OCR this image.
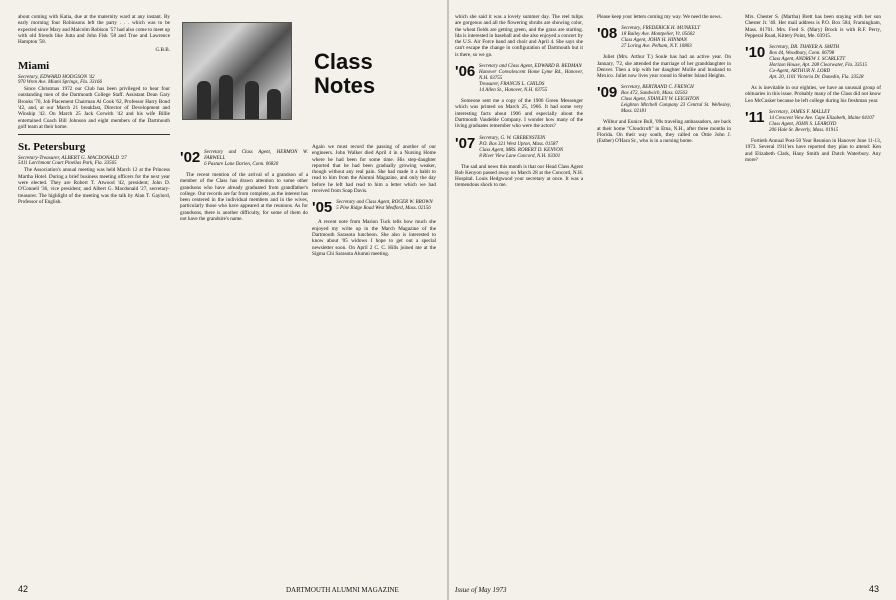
about coming with Katia, due at the maternity ward at any instant. By early morning four Robinsons left the party . . . which was to be expected since Mary and Malcolm Robison '57 had also come to meet up with old friends like Jutta and John Fisk '58 and True and Lawrence Hampton '58.

G.B.B.
Miami
Secretary, EDWARD HODGSON '42
970 Wren Ave. Miami Springs, Fla. 33166

Since Christmas 1972 our Club has been privileged to hear four outstanding men of the Dartmouth College Staff. Assistant Dean Gary Brooks '70, Job Placement Chairman Al Cook '62, Professor Harry Bond '42, and, at our March 21 breakfast, Director of Development and Winship '42. On March 25 Jack Corwith '42 and his wife Billie entertained Coach Bill Johnson and eight members of the Dartmouth golf team at their home.

St. Petersburg
Secretary-Treasurer, ALBERT G. MACDONALD '27
5411 Larchmont Court Pinellas Park, Fla. 33565

The Association's annual meeting was held March 12 at the Princess Martha Hotel. During a brief business meeting officers for the next year were elected. They are Robert T. Atwood '42, president; John D. O'Connell '36, vice president; and Albert G. Macdonald '27, secretary-treasurer. The highlight of the meeting was the talk by Alan T. Gaylord, Professor of English.

Class Notes
'02 Secretary and Class Agent, HERMON W. FARWELL
6 Pasture Lane Darien, Conn. 06820

The recent mention of the arrival of a grandson of a member of the Class has drawn attention to some other grandsons who have already graduated from grandfather's college. Our records are far from complete, as the interest has been centered in the individual members and in the wives, particularly those who have appeared at the reunions. As for grandsons, there is another difficulty, for some of them do not have the grandsire's name.

Again we must record the passing of another of our engineers. John Walker died April 4 in a Nursing Home where he had been for some time. His step-daughter reported that he had been gradually growing weaker, though without any real pain. She had made it a habit to read to him from the Alumni Magazine, and only the day before he left had read to him a letter which we had received from Soap Davis.

'05 Secretary and Class Agent, ROGER W. BROWN
5 Pine Ridge Road West Medford, Mass. 02156

A recent note from Marion Tuck tells how much she enjoyed my write up in the March Magazine of the Dartmouth Sarasota luncheon. She also is interested to know about '05 widows I hope to get out a special newsletter soon. On April 2 C. C. Hills joined me at the Sigma Chi Sarasota Alumni meeting.

42	DARTMOUTH ALUMNI MAGAZINE

which she said it was a lovely summer day. The reel tulips are gorgeous and all the flowering shrubs are showing color, the wheat fields are getting green, and the grass are starting. Ida is interested in baseball and she also enjoyed a concert by the U.S. Air Force band and choir and April 4. She says she can't escape the change in configuration of Dartmouth but it is there, so we go.

'06 Secretary and Class Agent, EDWARD B. REDMAN
Hanover Convalescent Home Lyme Rd., Hanover, N.H. 03755
Treasurer, FRANCIS L. CHILDS
14 Allen St., Hanover, N.H. 03755

Someone sent me a copy of the 1906 Green Messenger which was printed on March 25, 1966. It had some very interesting facts about 1906 and especially about the Dartmouth Vaudeble Company. I wonder how many of the living graduates remember who were the actors?

'07 Secretary, G. W. GREBENSTEIN
P.O. Box 321 West Upton, Mass. 01587
Class Agent, MRS. ROBERT D. KENYON
8 River View Lane Concord, N.H. 03301

The sad and news this month is that our Head Class Agent Bob Kenyon passed away on March 28 at the Concord, N.H. Hospital. Louis Hedgwood your secretary at once. It was a tremendous shock to me.

Please keep your letters coming my way. We need the news.

'08 Secretary, FREDERICK H. MUNKELT
18 Bailey Ave. Montpelier, Vt. 05602
Class Agent, JOHN H. HINMAN
27 Loring Ave. Pelham, N.Y. 10803

Juliet (Mrs. Arthur T.) Soule has had an active year. On January, '72, she attended the marriage of her granddaughter in Denver. Then a trip with her daughter Mollie and husband to Mexico. Juliet now lives year round in Shelter Island Heights.

'09 Secretary, BERTRAND C. FRENCH
Box 472, Sandwich, Mass. 02563
Class Agent, STANLEY W. LEIGHTON
Leighton Mitchell Company 23 Central St. Wellesley, Mass. 02181

Wilbur and Eunice Bull, '09s traveling ambassadors, are back at their home "Cloudcroft" in Etna, N.H., after three months in Florida. On their way south, they called on Ottie John J. (Esther) O'Hara Sr., who is in a nursing home.

Mrs. Chester S. (Martha) Brett has been staying with her son Chester Jr. '40. Her mail address is P.O. Box 584, Framingham, Mass. 01701. Mrs. Fred S. (Mary) Brock is with R.F. Perry, Pepperal Road, Kittery Point, Me. 03915.

'10 Secretary, DR. THAYER A. SMITH
Box 44, Woodbury, Conn. 06798
Class Agent, ANDREW J. SCARLETT
Horizon House, Apt. 208 Clearwater, Fla. 33515
Co-Agent, ARTHUR N. LORD
Apt. 20, 1101 Victoria Dr. Dunedin, Fla. 33528

As is inevitable in our eighties, we have an unusual group of obituaries in this issue. Probably many of the Class did not know Leo McCusker because he left college during his freshman year.

'11 Secretary, JAMES F. MALLEY
14 Crescent View Ave. Cape Elizabeth, Maine 04107
Class Agent, JOHN S. LEAROYD
206 Hale St. Beverly, Mass. 01915

Fortieth Annual Post-50 Year Reunion in Hanover June 11-13, 1973. Several 1911'ers have reported they plan to attend: Ken and Elizabeth Clark, Hany Smith and Dutch Waterbury. Any more?

Issue of May 1973	43
